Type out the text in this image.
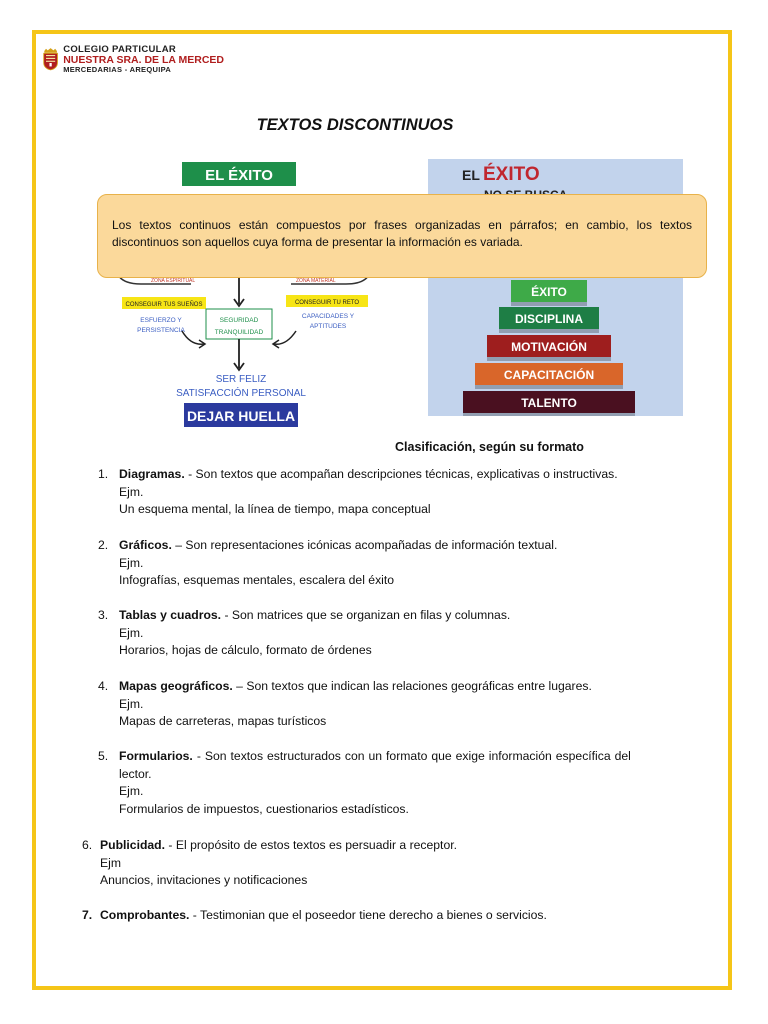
COLEGIO PARTICULAR
NUESTRA SRA. DE LA MERCED
MERCEDARIAS - AREQUIPA
TEXTOS DISCONTINUOS
EL ÉXITO
ZONA ESPIRITUAL	ZONA MATERIAL
CONSEGUIR TUS SUEÑOS	CONSEGUIR TU RETO
ESFUERZO Y
PERSISTENCIA
CAPACIDADES Y
APTITUDES
SEGURIDAD
TRANQUILIDAD
SER FELIZ
SATISFACCIÓN PERSONAL
DEJAR HUELLA
EL ÉXITO
ÉXITO
DISCIPLINA
MOTIVACIÓN
CAPACITACIÓN
TALENTO
Los textos continuos están compuestos por frases organizadas en párrafos; en cambio, los textos discontinuos son aquellos cuya forma de presentar la información es variada.
Clasificación, según su formato
1. Diagramas. - Son textos que acompañan descripciones técnicas, explicativas o instructivas.
Ejm.
Un esquema mental, la línea de tiempo, mapa conceptual
2. Gráficos. – Son representaciones icónicas acompañadas de información textual.
Ejm.
Infografías, esquemas mentales, escalera del éxito
3. Tablas y cuadros. - Son matrices que se organizan en filas y columnas.
Ejm.
Horarios, hojas de cálculo, formato de órdenes
4. Mapas geográficos. – Son textos que indican las relaciones geográficas entre lugares.
Ejm.
Mapas de carreteras, mapas turísticos
5. Formularios. - Son textos estructurados con un formato que exige información específica del
lector.
Ejm.
Formularios de impuestos, cuestionarios estadísticos.
6. Publicidad. - El propósito de estos textos es persuadir a receptor.
Ejm
Anuncios, invitaciones y notificaciones
7. Comprobantes. - Testimonian que el poseedor tiene derecho a bienes o servicios.
